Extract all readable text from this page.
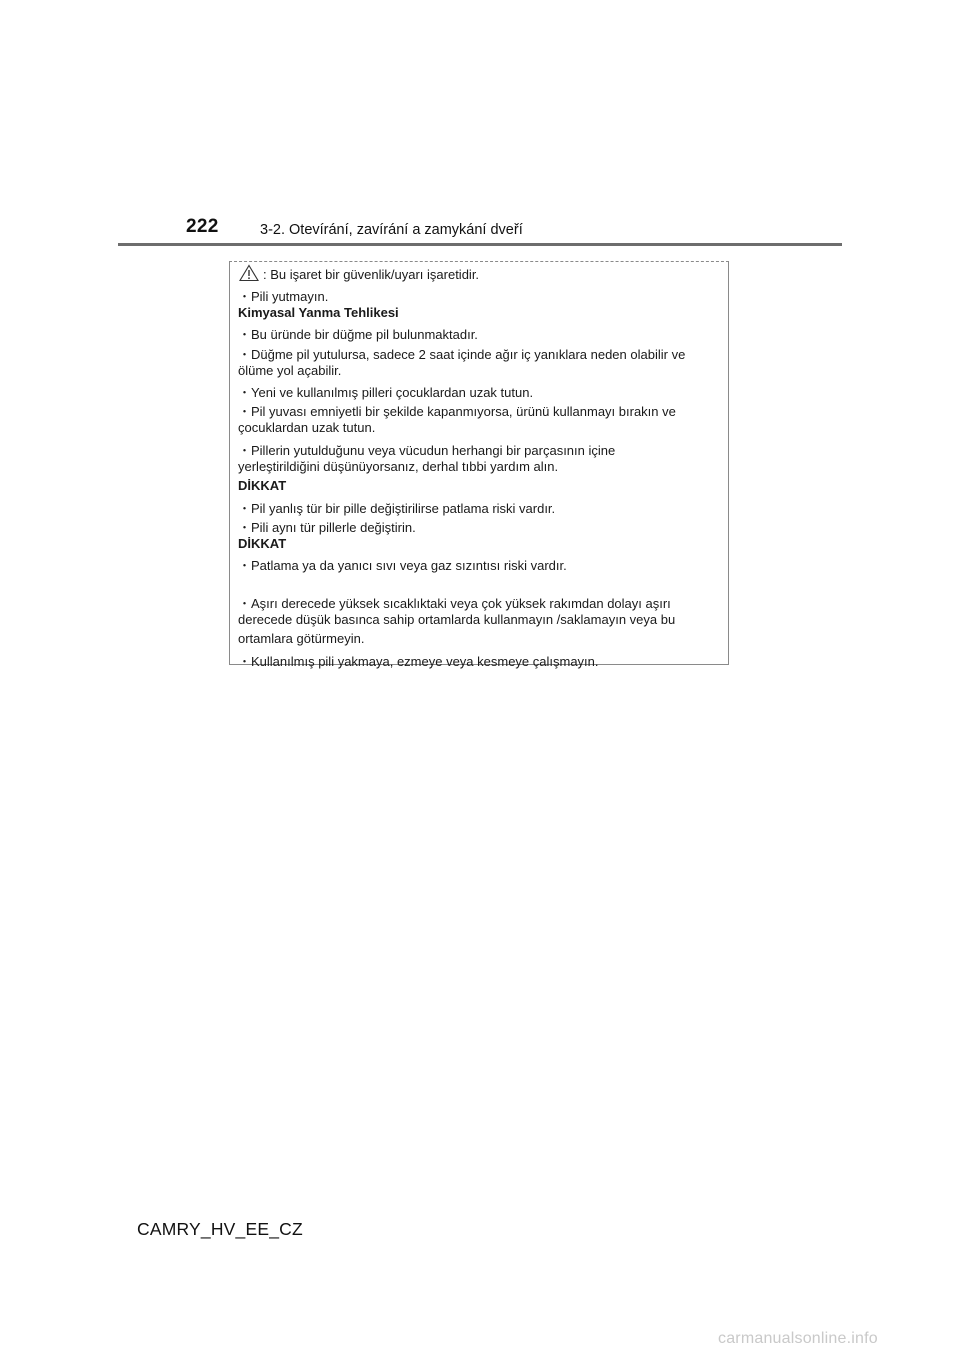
222	3-2. Otevírání, zavírání a zamykání dveří
: Bu işaret bir güvenlik/uyarı işaretidir.
・Pili yutmayın.
Kimyasal Yanma Tehlikesi
・Bu üründe bir düğme pil bulunmaktadır.
・Düğme pil yutulursa, sadece 2 saat içinde ağır iç yanıklara neden olabilir ve
ölüme yol açabilir.
・Yeni ve kullanılmış pilleri çocuklardan uzak tutun.
・Pil yuvası emniyetli bir şekilde kapanmıyorsa, ürünü kullanmayı bırakın ve
çocuklardan uzak tutun.
・Pillerin yutulduğunu veya vücudun herhangi bir parçasının içine
yerleştirildiğini düşünüyorsanız, derhal tıbbi yardım alın.
DİKKAT
・Pil yanlış tür bir pille değiştirilirse patlama riski vardır.
・Pili aynı tür pillerle değiştirin.
DİKKAT
・Patlama ya da yanıcı sıvı veya gaz sızıntısı riski vardır.
・Aşırı derecede yüksek sıcaklıktaki veya çok yüksek rakımdan dolayı aşırı
derecede düşük basınca sahip ortamlarda kullanmayın /saklamayın veya bu
ortamlara götürmeyin.
・Kullanılmış pili yakmaya, ezmeye veya kesmeye çalışmayın.
CAMRY_HV_EE_CZ
carmanualsonline.info
